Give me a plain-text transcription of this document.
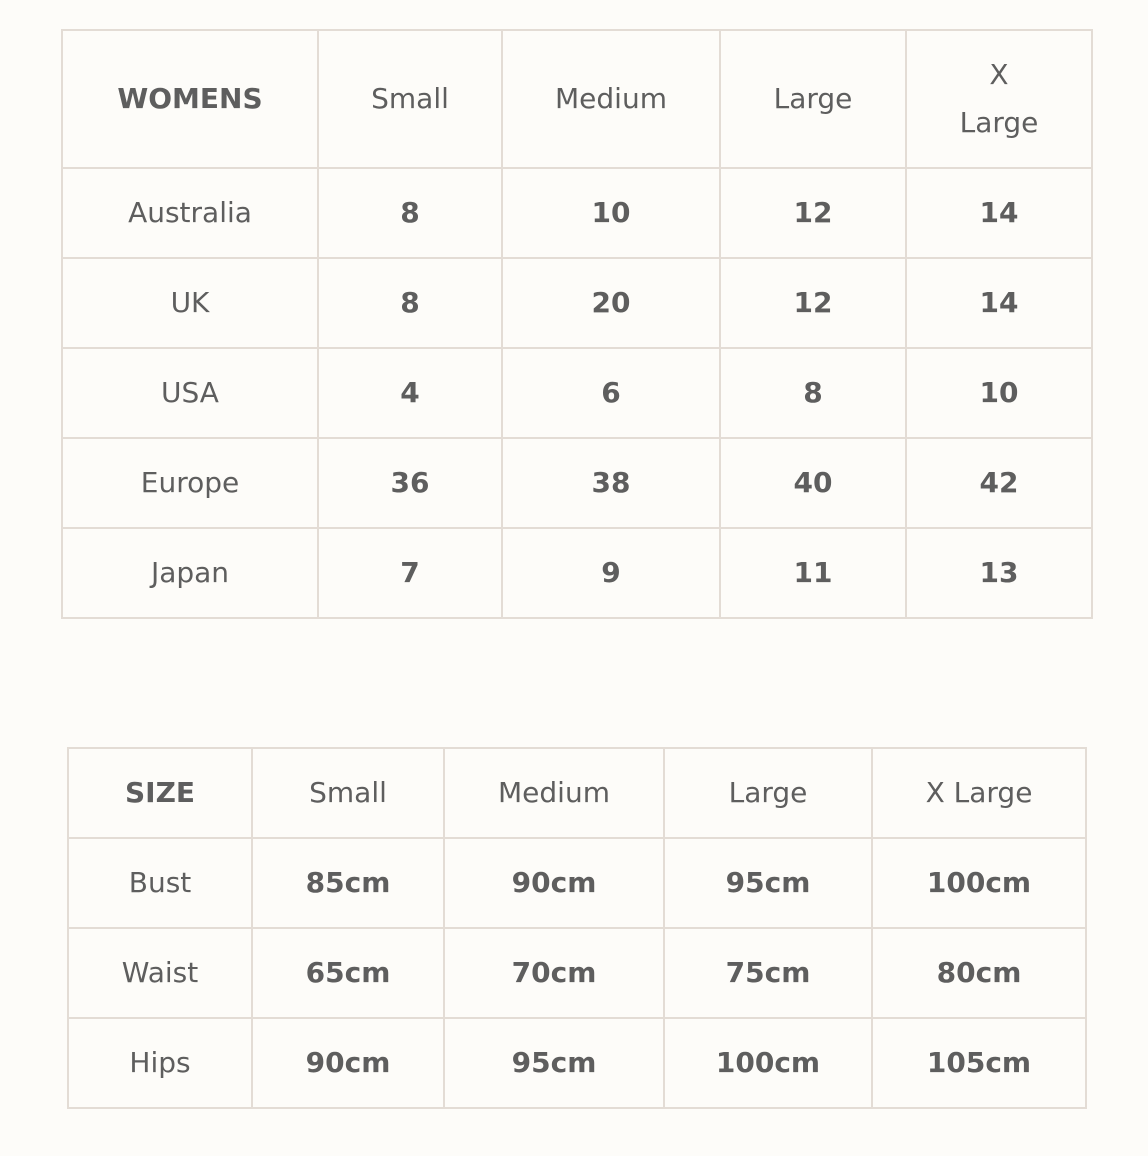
WOMENS	Small	Medium	Large	X Large
Australia	8	10	12	14
UK	8	20	12	14
USA	4	6	8	10
Europe	36	38	40	42
Japan	7	9	11	13
SIZE	Small	Medium	Large	X Large
Bust	85cm	90cm	95cm	100cm
Waist	65cm	70cm	75cm	80cm
Hips	90cm	95cm	100cm	105cm
